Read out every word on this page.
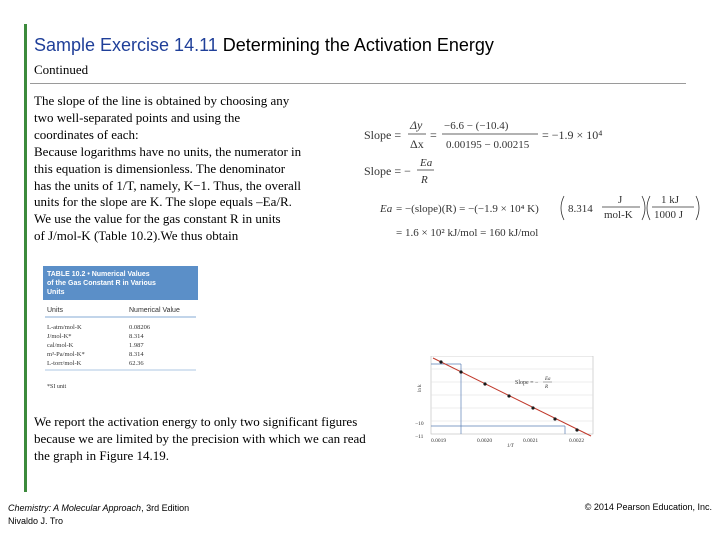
Sample Exercise 14.11 Determining the Activation Energy
Continued
The slope of the line is obtained by choosing any
two well-separated points and using the
coordinates of each:
Because logarithms have no units, the numerator in
this equation is dimensionless. The denominator
has the units of 1/T, namely, K−1. Thus, the overall
units for the slope are K. The slope equals –Ea/R.
We use the value for the gas constant R in units
of J/mol-K (Table 10.2).We thus obtain
Slope =
Δy
Δx
=
−6.6 − (−10.4)
0.00195 − 0.00215
= −1.9 × 10⁴
Slope = −
Ea
R
Ea = −(slope)(R) = −(−1.9 × 10⁴ K)	8.314
J
mol-K
1 kJ
1000 J
= 1.6 × 10² kJ/mol = 160 kJ/mol
TABLE 10.2 • Numerical Values
of the Gas Constant R in Various
Units
Units	Numerical Value
L-atm/mol-K	0.08206
J/mol-K*	8.314
cal/mol-K	1.987
m³-Pa/mol-K*	8.314
L-torr/mol-K	62.36
*SI unit
Slope = −
Ea
R
ln k
−10
−11
0.0019	0.0020	0.0021	0.0022
1/T
We report the activation energy to only two significant figures
because we are limited by the precision with which we can read
the graph in Figure 14.19.
Chemistry: A Molecular Approach, 3rd Edition
Nivaldo J. Tro
© 2014 Pearson Education, Inc.
